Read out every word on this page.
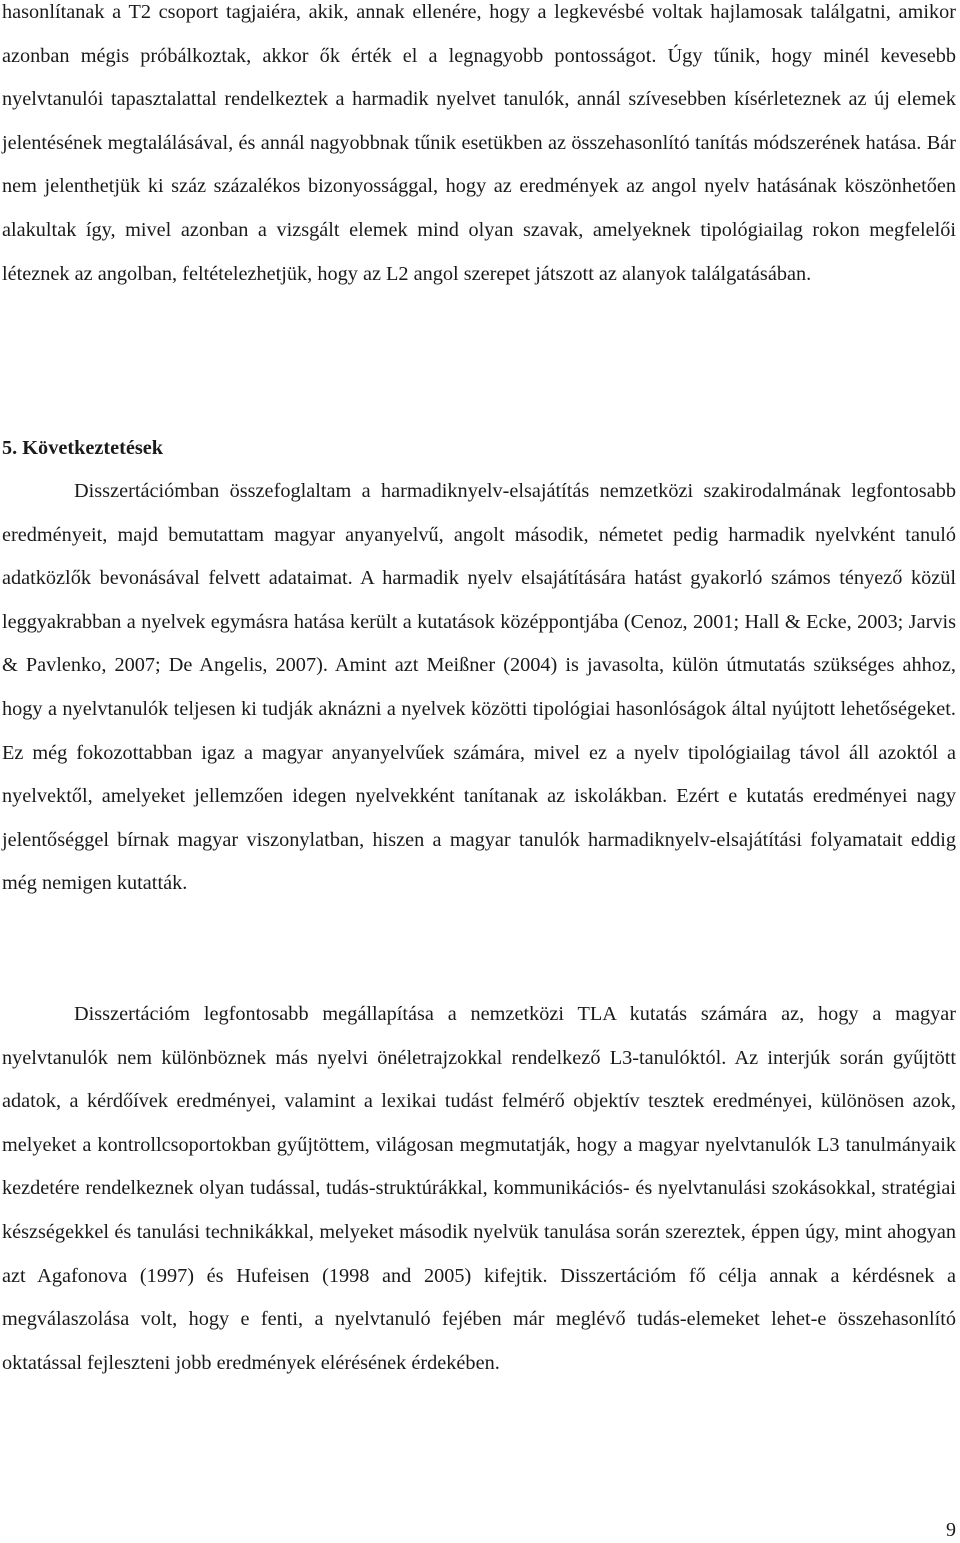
hasonlítanak a T2 csoport tagjaiéra, akik, annak ellenére, hogy a legkevésbé voltak hajlamosak találgatni, amikor azonban mégis próbálkoztak, akkor ők érték el a legnagyobb pontosságot. Úgy tűnik, hogy minél kevesebb nyelvtanulói tapasztalattal rendelkeztek a harmadik nyelvet tanulók, annál szívesebben kísérleteznek az új elemek jelentésének megtalálásával, és annál nagyobbnak tűnik esetükben az összehasonlító tanítás módszerének hatása. Bár nem jelenthetjük ki száz százalékos bizonyossággal, hogy az eredmények az angol nyelv hatásának köszönhetően alakultak így, mivel azonban a vizsgált elemek mind olyan szavak, amelyeknek tipológiailag rokon megfelelői léteznek az angolban, feltételezhetjük, hogy az L2 angol szerepet játszott az alanyok találgatásában.

5. Következtetések

Disszertációmban összefoglaltam a harmadiknyelv-elsajátítás nemzetközi szakirodalmának legfontosabb eredményeit, majd bemutattam magyar anyanyelvű, angolt második, németet pedig harmadik nyelvként tanuló adatközlők bevonásával felvett adataimat. A harmadik nyelv elsajátítására hatást gyakorló számos tényező közül leggyakrabban a nyelvek egymásra hatása került a kutatások középpontjába (Cenoz, 2001; Hall & Ecke, 2003; Jarvis & Pavlenko, 2007; De Angelis, 2007). Amint azt Meißner (2004) is javasolta, külön útmutatás szükséges ahhoz, hogy a nyelvtanulók teljesen ki tudják aknázni a nyelvek közötti tipológiai hasonlóságok által nyújtott lehetőségeket. Ez még fokozottabban igaz a magyar anyanyelvűek számára, mivel ez a nyelv tipológiailag távol áll azoktól a nyelvektől, amelyeket jellemzően idegen nyelvekként tanítanak az iskolákban. Ezért e kutatás eredményei nagy jelentőséggel bírnak magyar viszonylatban, hiszen a magyar tanulók harmadiknyelv-elsajátítási folyamatait eddig még nemigen kutatták.

Disszertációm legfontosabb megállapítása a nemzetközi TLA kutatás számára az, hogy a magyar nyelvtanulók nem különböznek más nyelvi önéletrajzokkal rendelkező L3-tanulóktól. Az interjúk során gyűjtött adatok, a kérdőívek eredményei, valamint a lexikai tudást felmérő objektív tesztek eredményei, különösen azok, melyeket a kontrollcsoportokban gyűjtöttem, világosan megmutatják, hogy a magyar nyelvtanulók L3 tanulmányaik kezdetére rendelkeznek olyan tudással, tudás-struktúrákkal, kommunikációs- és nyelvtanulási szokásokkal, stratégiai készségekkel és tanulási technikákkal, melyeket második nyelvük tanulása során szereztek, éppen úgy, mint ahogyan azt Agafonova (1997) és Hufeisen (1998 and 2005) kifejtik. Disszertációm fő célja annak a kérdésnek a megválaszolása volt, hogy e fenti, a nyelvtanuló fejében már meglévő tudás-elemeket lehet-e összehasonlító oktatással fejleszteni jobb eredmények elérésének érdekében.

9
